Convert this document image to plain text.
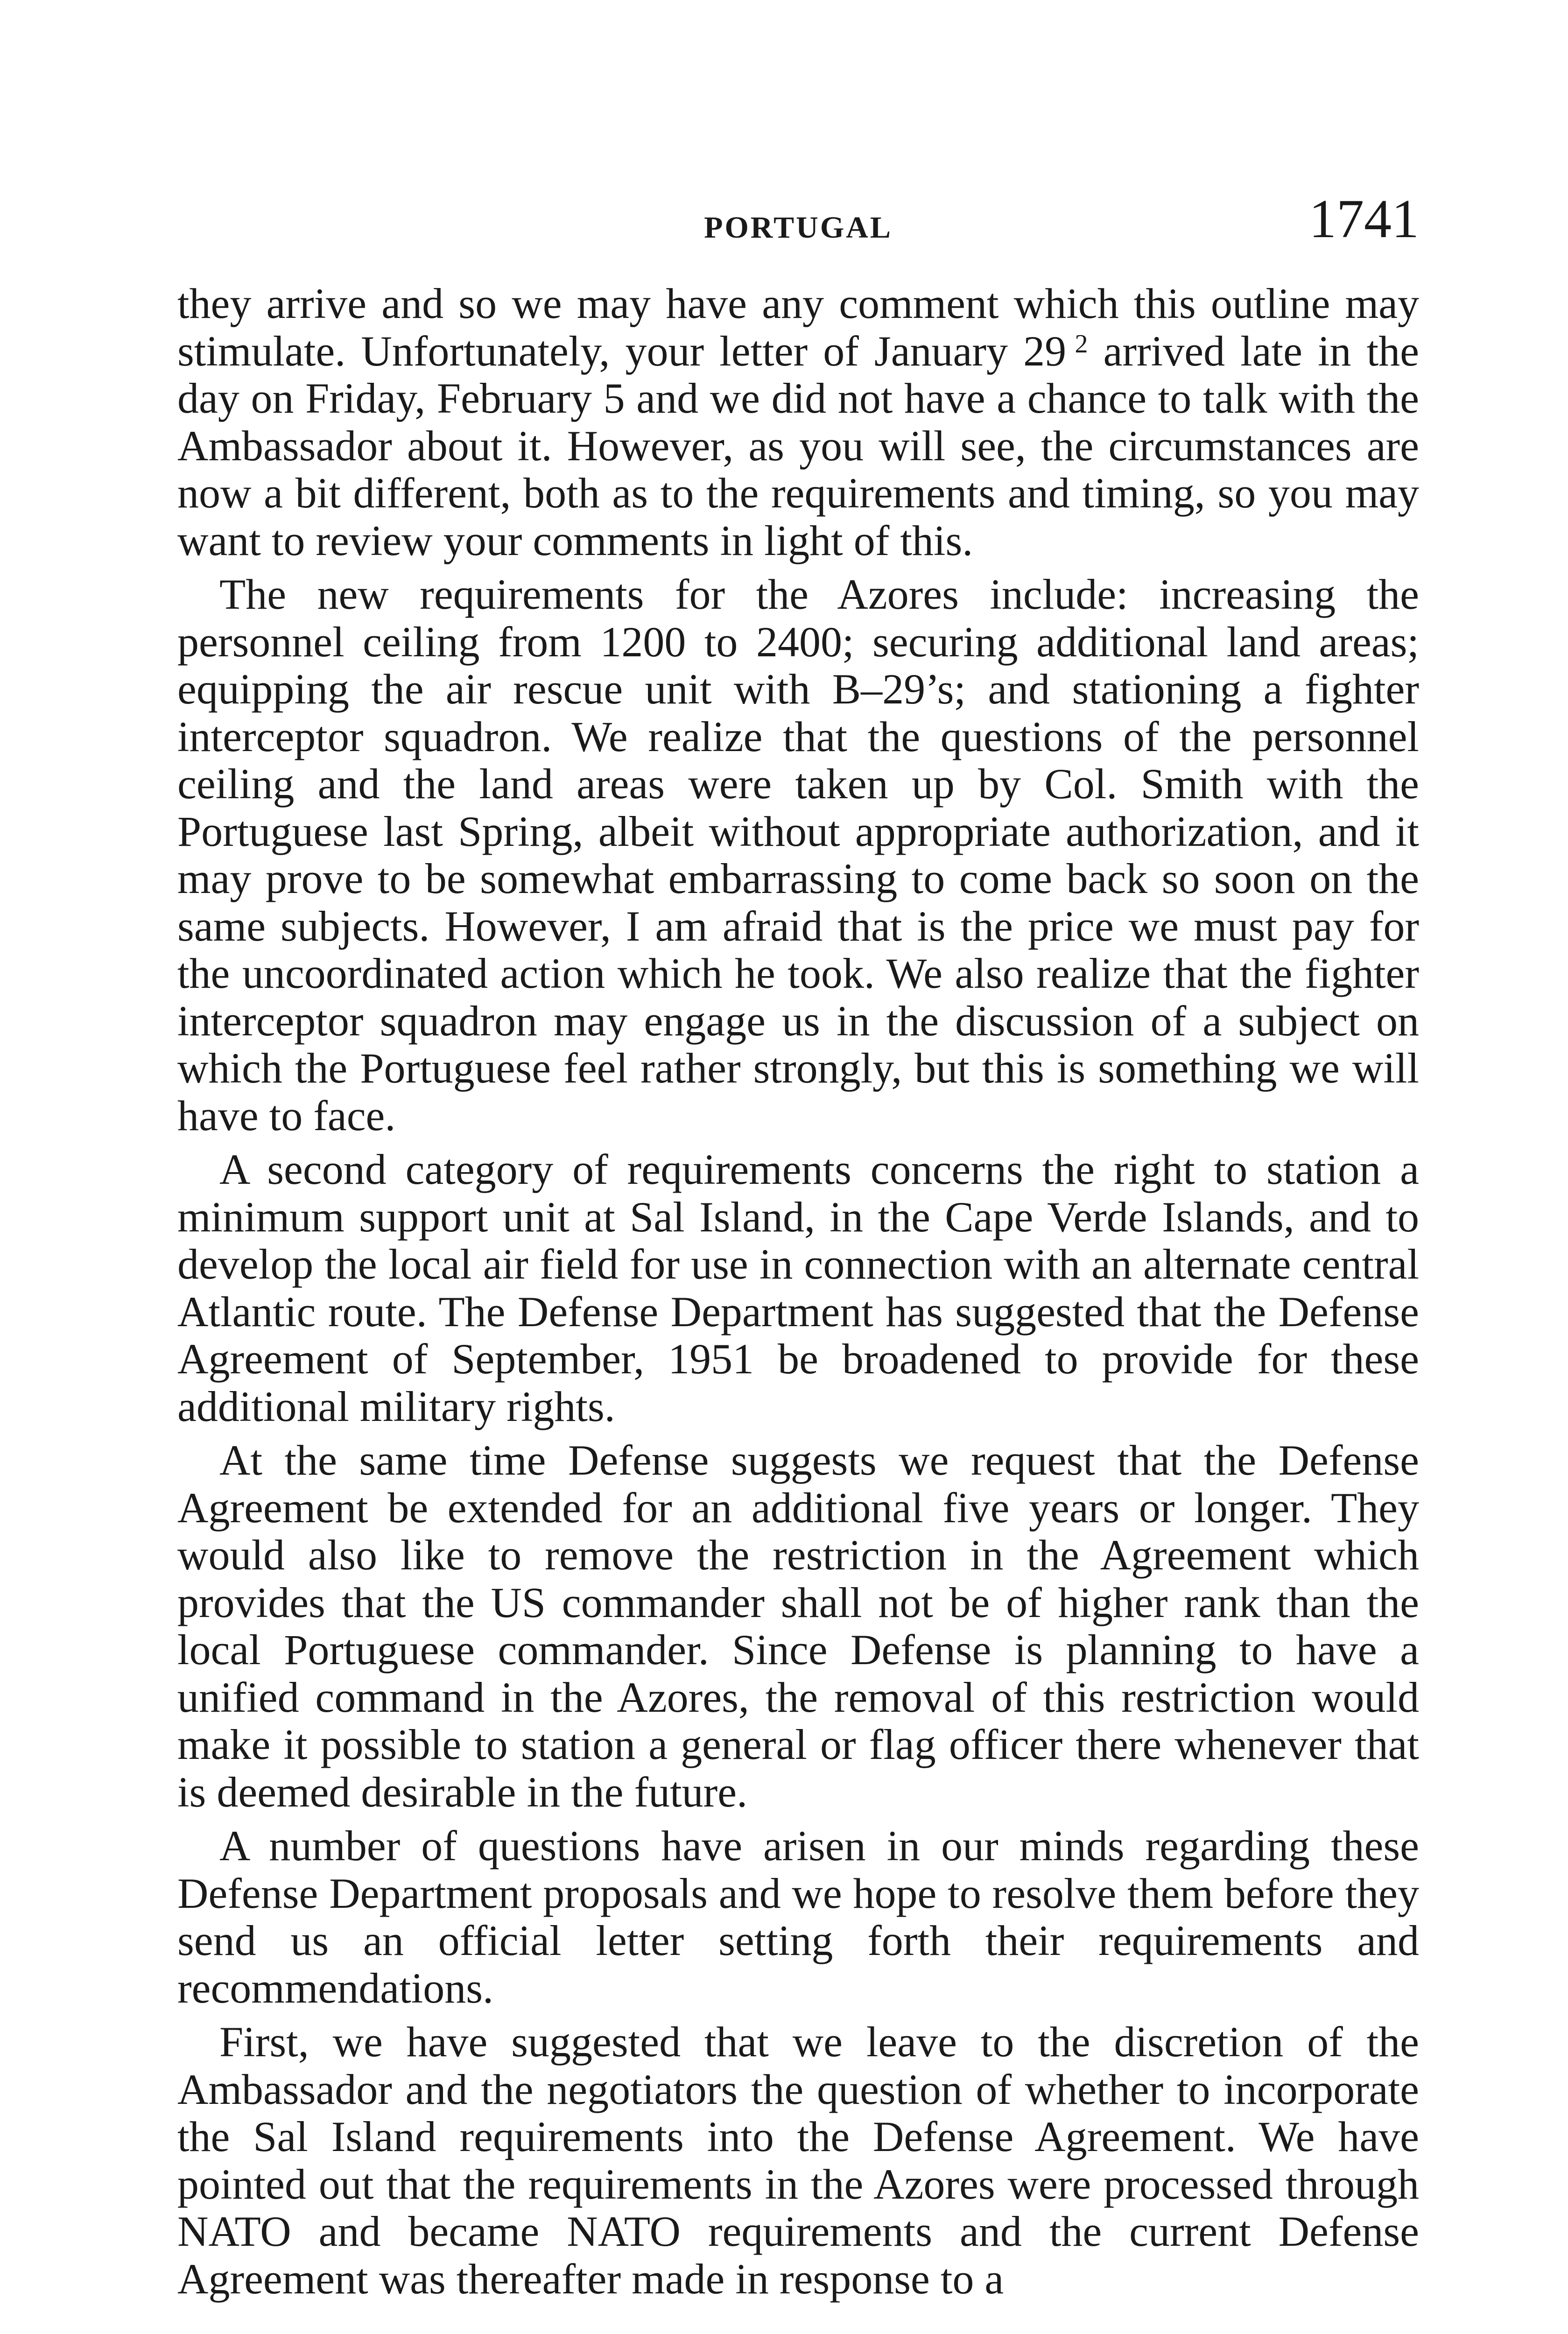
PORTUGAL	1741

they arrive and so we may have any comment which this outline may stimulate. Unfortunately, your letter of January 29  $^2$ arrived late in the day on Friday, February 5 and we did not have a chance to talk with the Ambassador about it. However, as you will see, the circumstances are now a bit different, both as to the requirements and timing, so you may want to review your comments in light of this.

The new requirements for the Azores include: increasing the personnel ceiling from 1200 to 2400; securing additional land areas; equipping the air rescue unit with B–29’s; and stationing a fighter interceptor squadron. We realize that the questions of the personnel ceiling and the land areas were taken up by Col. Smith with the Portuguese last Spring, albeit without appropriate authorization, and it may prove to be somewhat embarrassing to come back so soon on the same subjects. However, I am afraid that is the price we must pay for the uncoordinated action which he took. We also realize that the fighter interceptor squadron may engage us in the discussion of a subject on which the Portuguese feel rather strongly, but this is something we will have to face.

A second category of requirements concerns the right to station a minimum support unit at Sal Island, in the Cape Verde Islands, and to develop the local air field for use in connection with an alternate central Atlantic route. The Defense Department has suggested that the Defense Agreement of September, 1951 be broadened to provide for these additional military rights.

At the same time Defense suggests we request that the Defense Agreement be extended for an additional five years or longer. They would also like to remove the restriction in the Agreement which provides that the US commander shall not be of higher rank than the local Portuguese commander. Since Defense is planning to have a unified command in the Azores, the removal of this restriction would make it possible to station a general or flag officer there whenever that is deemed desirable in the future.

A number of questions have arisen in our minds regarding these Defense Department proposals and we hope to resolve them before they send us an official letter setting forth their requirements and recommendations.

First, we have suggested that we leave to the discretion of the Ambassador and the negotiators the question of whether to incorporate the Sal Island requirements into the Defense Agreement. We have pointed out that the requirements in the Azores were processed through NATO and became NATO requirements and the current Defense Agreement was thereafter made in response to a
